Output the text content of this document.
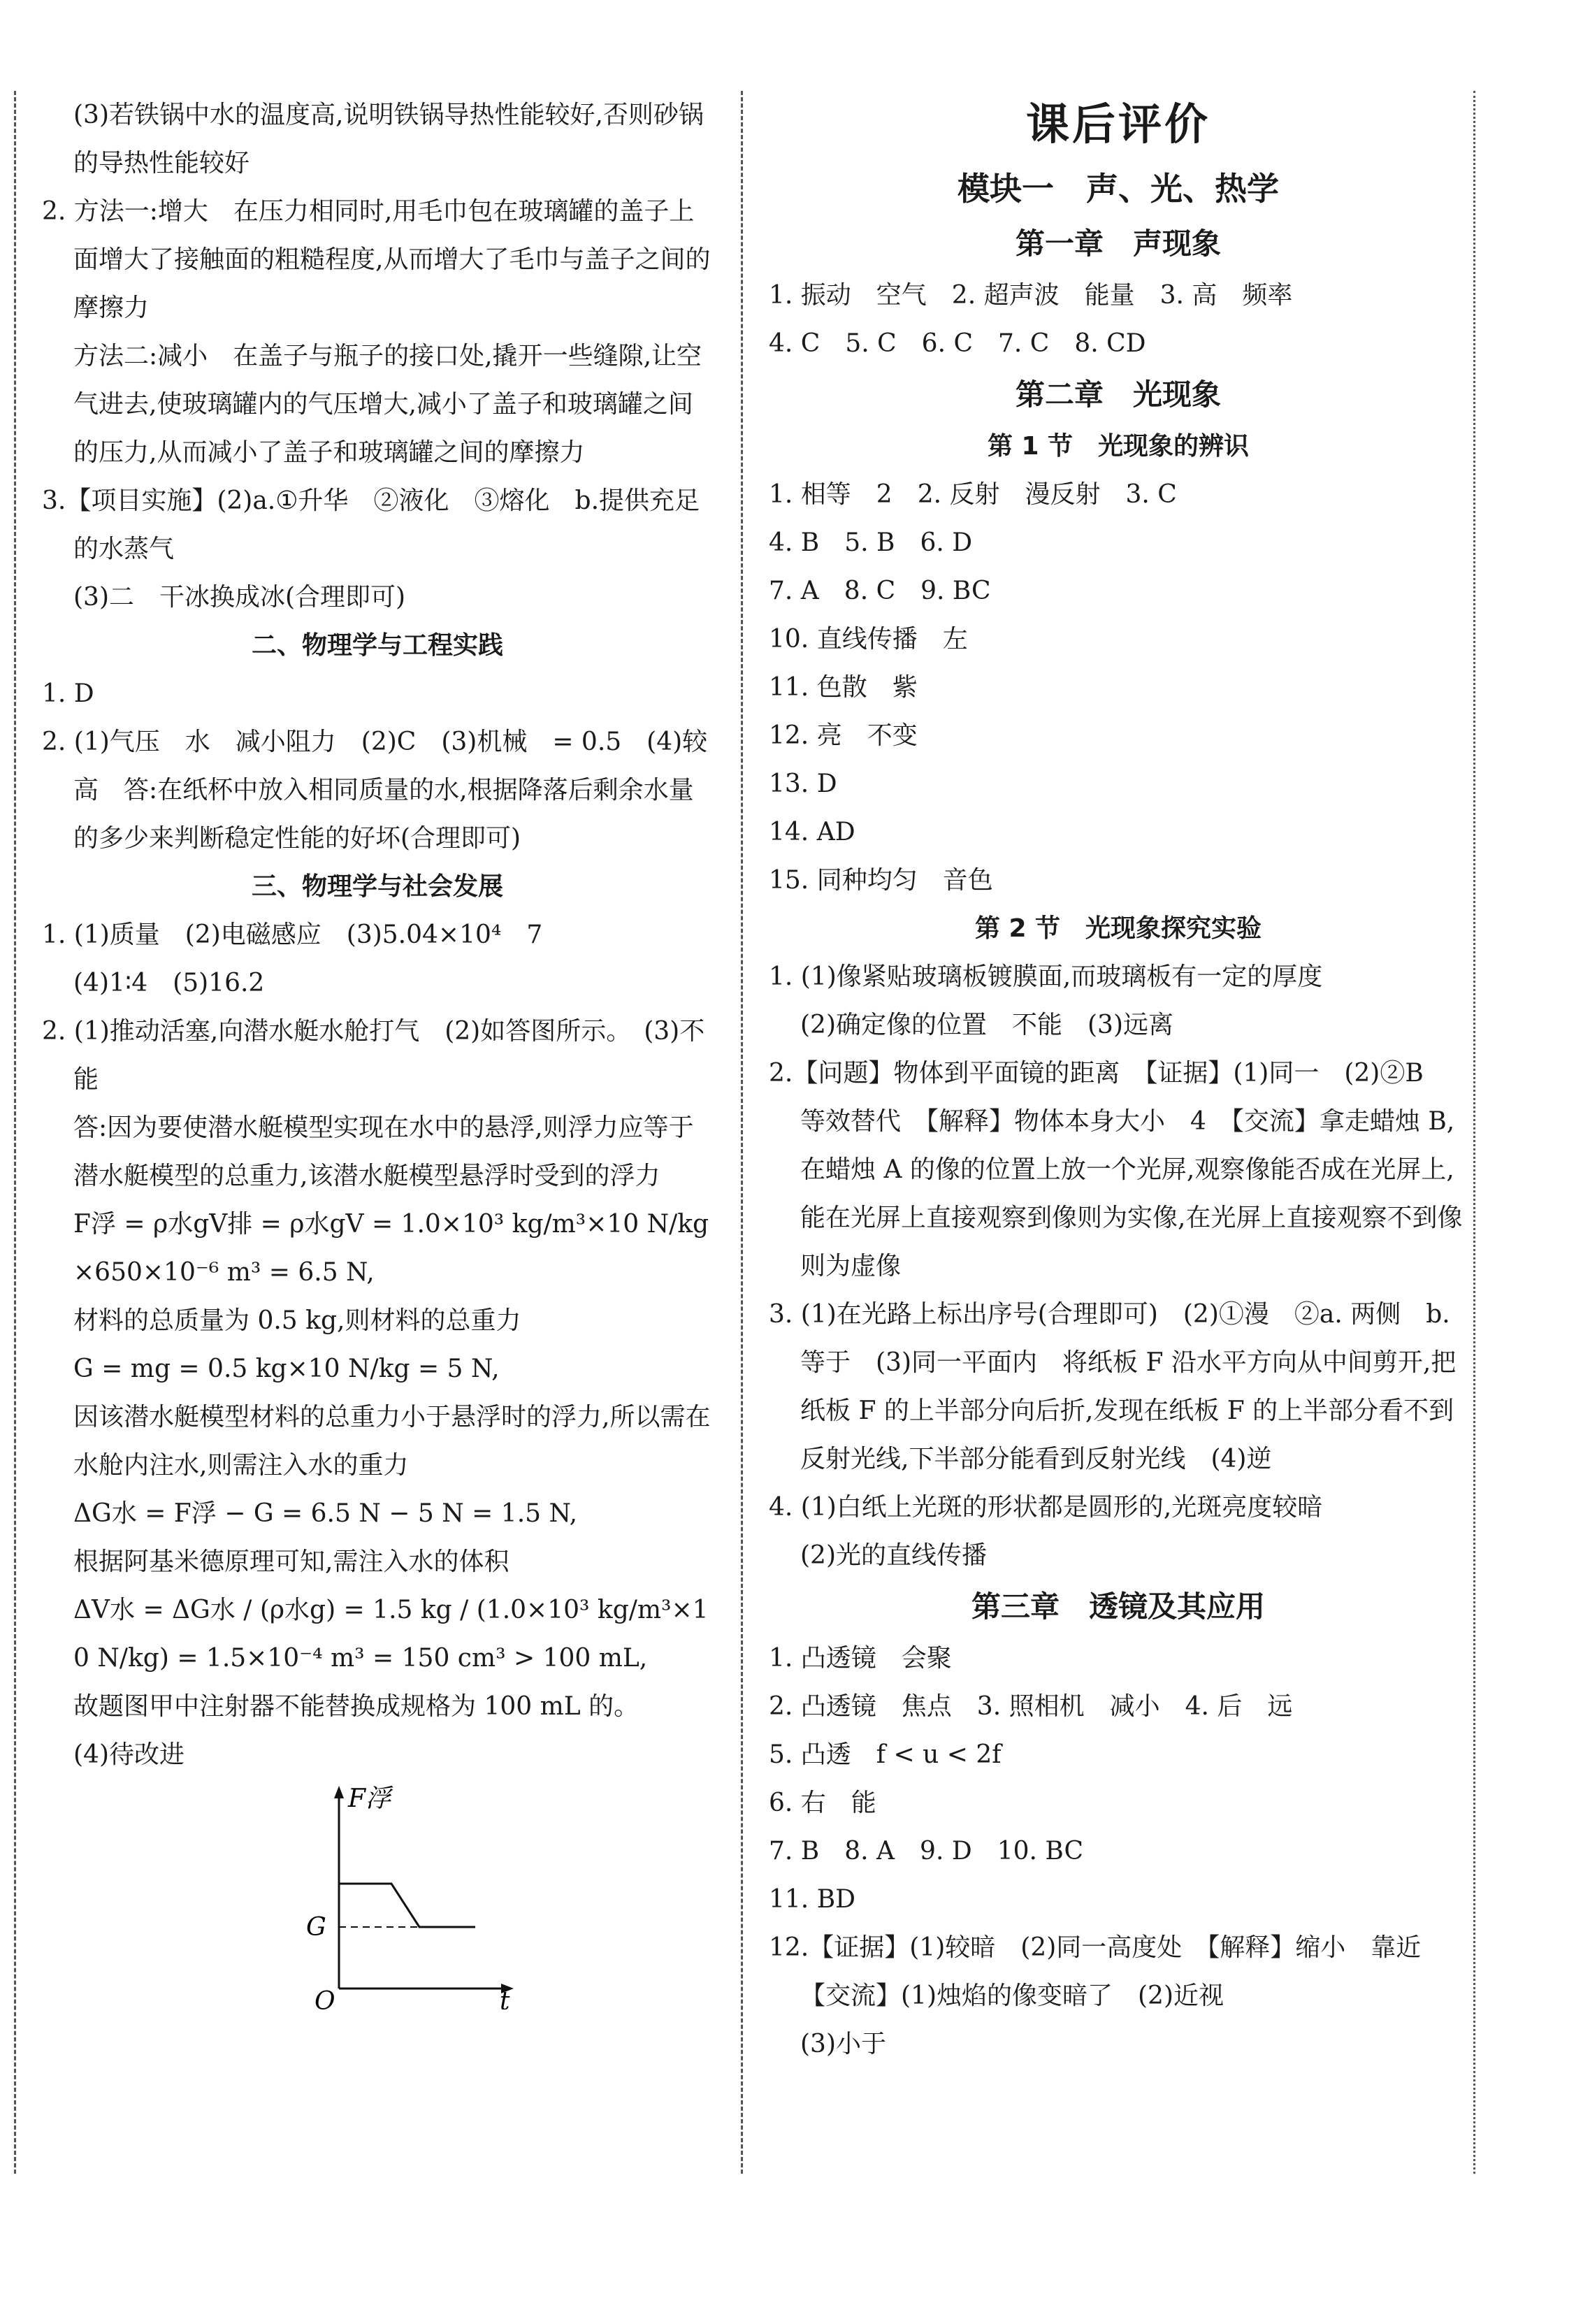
(3)若铁锅中水的温度高,说明铁锅导热性能较好,否则砂锅的导热性能较好

2. 方法一:增大　在压力相同时,用毛巾包在玻璃罐的盖子上面增大了接触面的粗糙程度,从而增大了毛巾与盖子之间的摩擦力

方法二:减小　在盖子与瓶子的接口处,撬开一些缝隙,让空气进去,使玻璃罐内的气压增大,减小了盖子和玻璃罐之间的压力,从而减小了盖子和玻璃罐之间的摩擦力

3.【项目实施】(2)a.①升华　②液化　③熔化　b.提供充足的水蒸气

(3)二　干冰换成冰(合理即可)

二、物理学与工程实践

1. D

2. (1)气压　水　减小阻力　(2)C　(3)机械　= 0.5　(4)较高　答:在纸杯中放入相同质量的水,根据降落后剩余水量的多少来判断稳定性能的好坏(合理即可)

三、物理学与社会发展

1. (1)质量　(2)电磁感应　(3)5.04×10⁴　7

(4)1∶4　(5)16.2

2. (1)推动活塞,向潜水艇水舱打气　(2)如答图所示。　(3)不能

答:因为要使潜水艇模型实现在水中的悬浮,则浮力应等于潜水艇模型的总重力,该潜水艇模型悬浮时受到的浮力

F浮 = ρ水gV排 = ρ水gV = 1.0×10³ kg/m³×10 N/kg×650×10⁻⁶ m³ = 6.5 N,

材料的总质量为 0.5 kg,则材料的总重力

G = mg = 0.5 kg×10 N/kg = 5 N,

因该潜水艇模型材料的总重力小于悬浮时的浮力,所以需在水舱内注水,则需注入水的重力

ΔG水 = F浮 − G = 6.5 N − 5 N = 1.5 N,

根据阿基米德原理可知,需注入水的体积

ΔV水 = ΔG水 / (ρ水g) = 1.5 kg / (1.0×10³ kg/m³×10 N/kg) = 1.5×10⁻⁴ m³ = 150 cm³ > 100 mL,

故题图甲中注射器不能替换成规格为 100 mL 的。

(4)待改进

F浮
G
O	t

课后评价

模块一　声、光、热学

第一章　声现象

1. 振动　空气　2. 超声波　能量　3. 高　频率

4. C　5. C　6. C　7. C　8. CD

第二章　光现象

第 1 节　光现象的辨识

1. 相等　2　2. 反射　漫反射　3. C

4. B　5. B　6. D

7. A　8. C　9. BC

10. 直线传播　左

11. 色散　紫

12. 亮　不变

13. D

14. AD

15. 同种均匀　音色

第 2 节　光现象探究实验

1. (1)像紧贴玻璃板镀膜面,而玻璃板有一定的厚度

(2)确定像的位置　不能　(3)远离

2.【问题】物体到平面镜的距离　【证据】(1)同一　(2)②B　等效替代　【解释】物体本身大小　4　【交流】拿走蜡烛 B,在蜡烛 A 的像的位置上放一个光屏,观察像能否成在光屏上,能在光屏上直接观察到像则为实像,在光屏上直接观察不到像则为虚像

3. (1)在光路上标出序号(合理即可)　(2)①漫　②a. 两侧　b. 等于　(3)同一平面内　将纸板 F 沿水平方向从中间剪开,把纸板 F 的上半部分向后折,发现在纸板 F 的上半部分看不到反射光线,下半部分能看到反射光线　(4)逆

4. (1)白纸上光斑的形状都是圆形的,光斑亮度较暗

(2)光的直线传播

第三章　透镜及其应用

1. 凸透镜　会聚

2. 凸透镜　焦点　3. 照相机　减小　4. 后　远

5. 凸透　f < u < 2f

6. 右　能

7. B　8. A　9. D　10. BC

11. BD

12.【证据】(1)较暗　(2)同一高度处　【解释】缩小　靠近　【交流】(1)烛焰的像变暗了　(2)近视

(3)小于
